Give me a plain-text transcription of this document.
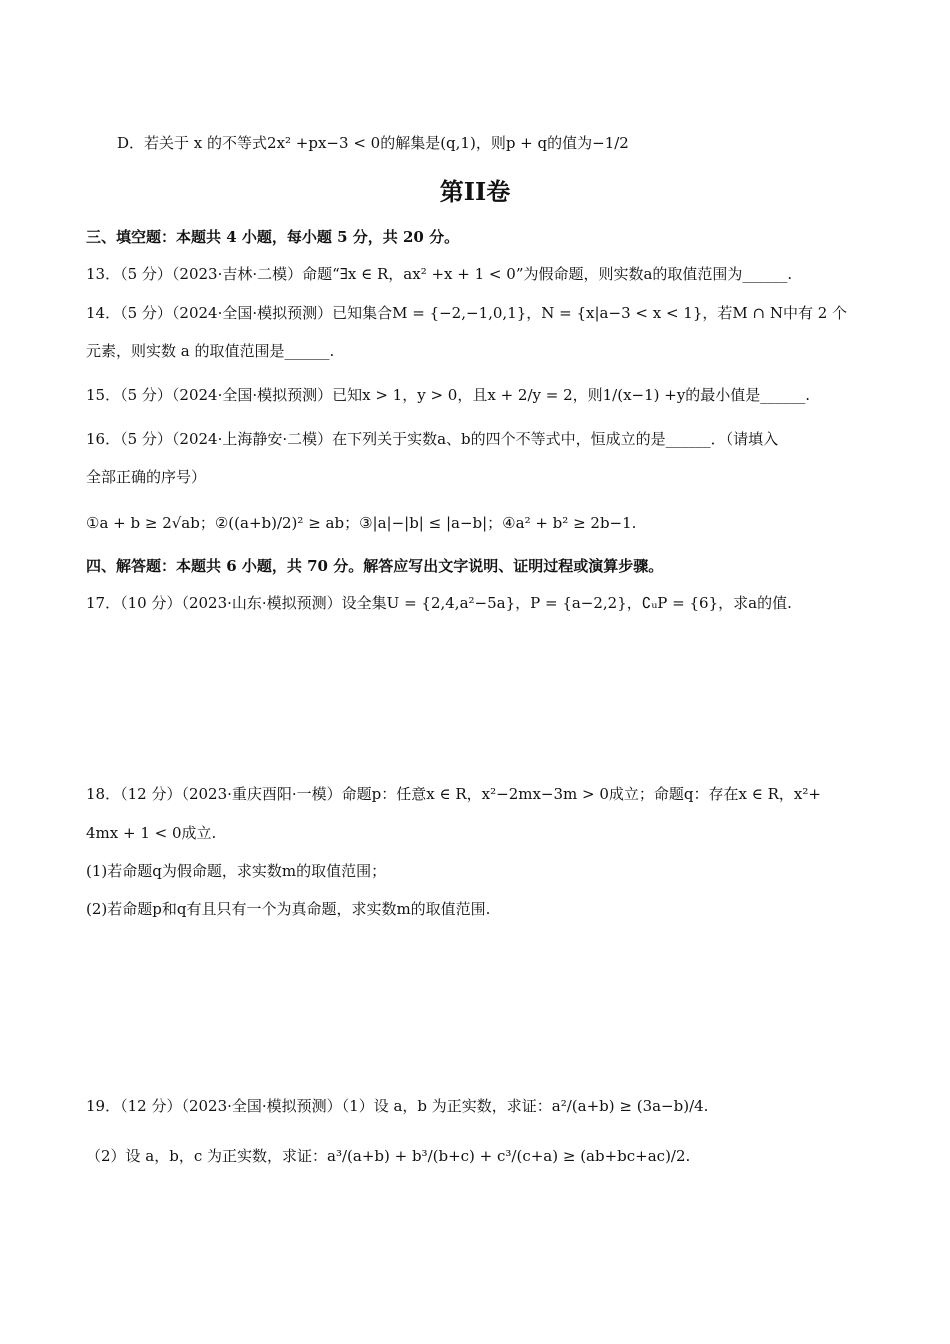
D．若关于 x 的不等式2x² +px−3 < 0的解集是(q,1)，则p + q的值为−1/2
第II卷
三、填空题：本题共 4 小题，每小题 5 分，共 20 分。
13．（5 分）（2023·吉林·二模）命题“∃x ∈ R，ax² +x + 1 < 0”为假命题，则实数a的取值范围为______.
14．（5 分）（2024·全国·模拟预测）已知集合M = {−2,−1,0,1}，N = {x|a−3 < x < 1}，若M ∩ N中有 2 个
元素，则实数 a 的取值范围是______.
15．（5 分）（2024·全国·模拟预测）已知x > 1，y > 0，且x + 2/y = 2，则1/(x−1) +y的最小值是______.
16．（5 分）（2024·上海静安·二模）在下列关于实数a、b的四个不等式中，恒成立的是______．（请填入
全部正确的序号）
①a + b ≥ 2√ab；②((a+b)/2)² ≥ ab；③|a|−|b| ≤ |a−b|；④a² + b² ≥ 2b−1.
四、解答题：本题共 6 小题，共 70 分。解答应写出文字说明、证明过程或演算步骤。
17．（10 分）（2023·山东·模拟预测）设全集U = {2,4,a²−5a}，P = {a−2,2}，∁ᵤP = {6}，求a的值.
18．（12 分）（2023·重庆酉阳·一模）命题p：任意x ∈ R，x²−2mx−3m > 0成立；命题q：存在x ∈ R，x²+
4mx + 1 < 0成立.
(1)若命题q为假命题，求实数m的取值范围；
(2)若命题p和q有且只有一个为真命题，求实数m的取值范围.
19．（12 分）（2023·全国·模拟预测）（1）设 a，b 为正实数，求证：a²/(a+b) ≥ (3a−b)/4.
（2）设 a，b，c 为正实数，求证：a³/(a+b) + b³/(b+c) + c³/(c+a) ≥ (ab+bc+ac)/2.
